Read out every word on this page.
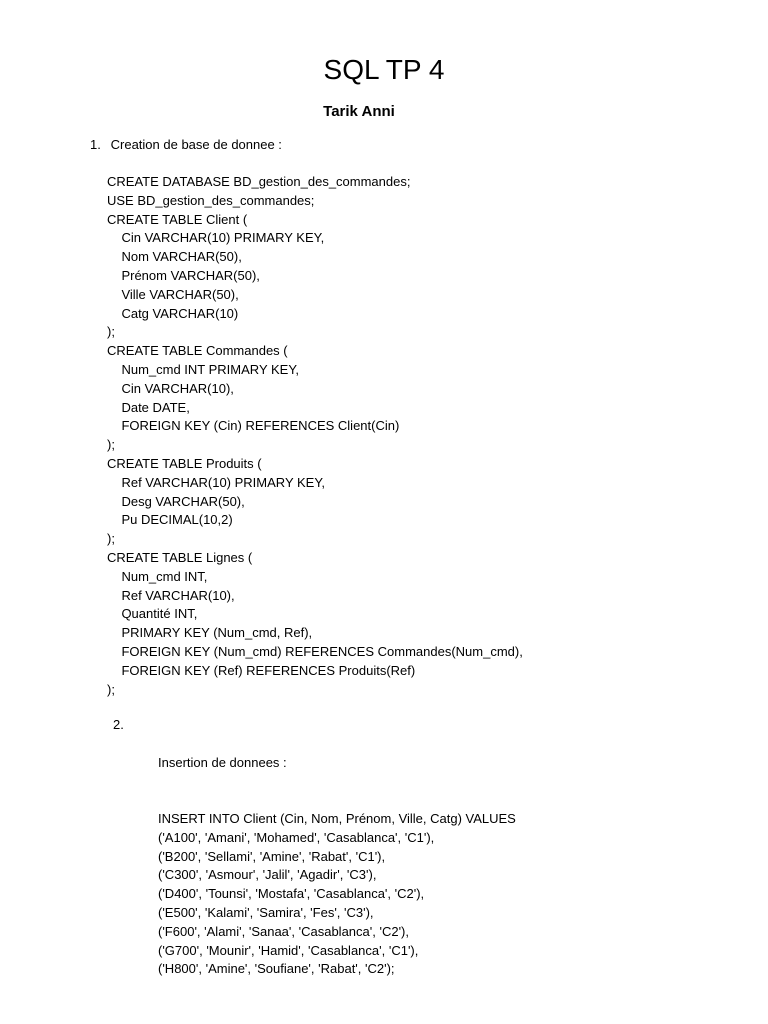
SQL TP 4
Tarik Anni
1. Creation de base de donnee :
CREATE DATABASE BD_gestion_des_commandes;
USE BD_gestion_des_commandes;
CREATE TABLE Client (
Cin VARCHAR(10) PRIMARY KEY,
Nom VARCHAR(50),
Prénom VARCHAR(50),
Ville VARCHAR(50),
Catg VARCHAR(10)
);
CREATE TABLE Commandes (
Num_cmd INT PRIMARY KEY,
Cin VARCHAR(10),
Date DATE,
FOREIGN KEY (Cin) REFERENCES Client(Cin)
);
CREATE TABLE Produits (
Ref VARCHAR(10) PRIMARY KEY,
Desg VARCHAR(50),
Pu DECIMAL(10,2)
);
CREATE TABLE Lignes (
Num_cmd INT,
Ref VARCHAR(10),
Quantité INT,
PRIMARY KEY (Num_cmd, Ref),
FOREIGN KEY (Num_cmd) REFERENCES Commandes(Num_cmd),
FOREIGN KEY (Ref) REFERENCES Produits(Ref)
);
2.

Insertion de donnees :

INSERT INTO Client (Cin, Nom, Prénom, Ville, Catg) VALUES
('A100', 'Amani', 'Mohamed', 'Casablanca', 'C1'),
('B200', 'Sellami', 'Amine', 'Rabat', 'C1'),
('C300', 'Asmour', 'Jalil', 'Agadir', 'C3'),
('D400', 'Tounsi', 'Mostafa', 'Casablanca', 'C2'),
('E500', 'Kalami', 'Samira', 'Fes', 'C3'),
('F600', 'Alami', 'Sanaa', 'Casablanca', 'C2'),
('G700', 'Mounir', 'Hamid', 'Casablanca', 'C1'),
('H800', 'Amine', 'Soufiane', 'Rabat', 'C2');
